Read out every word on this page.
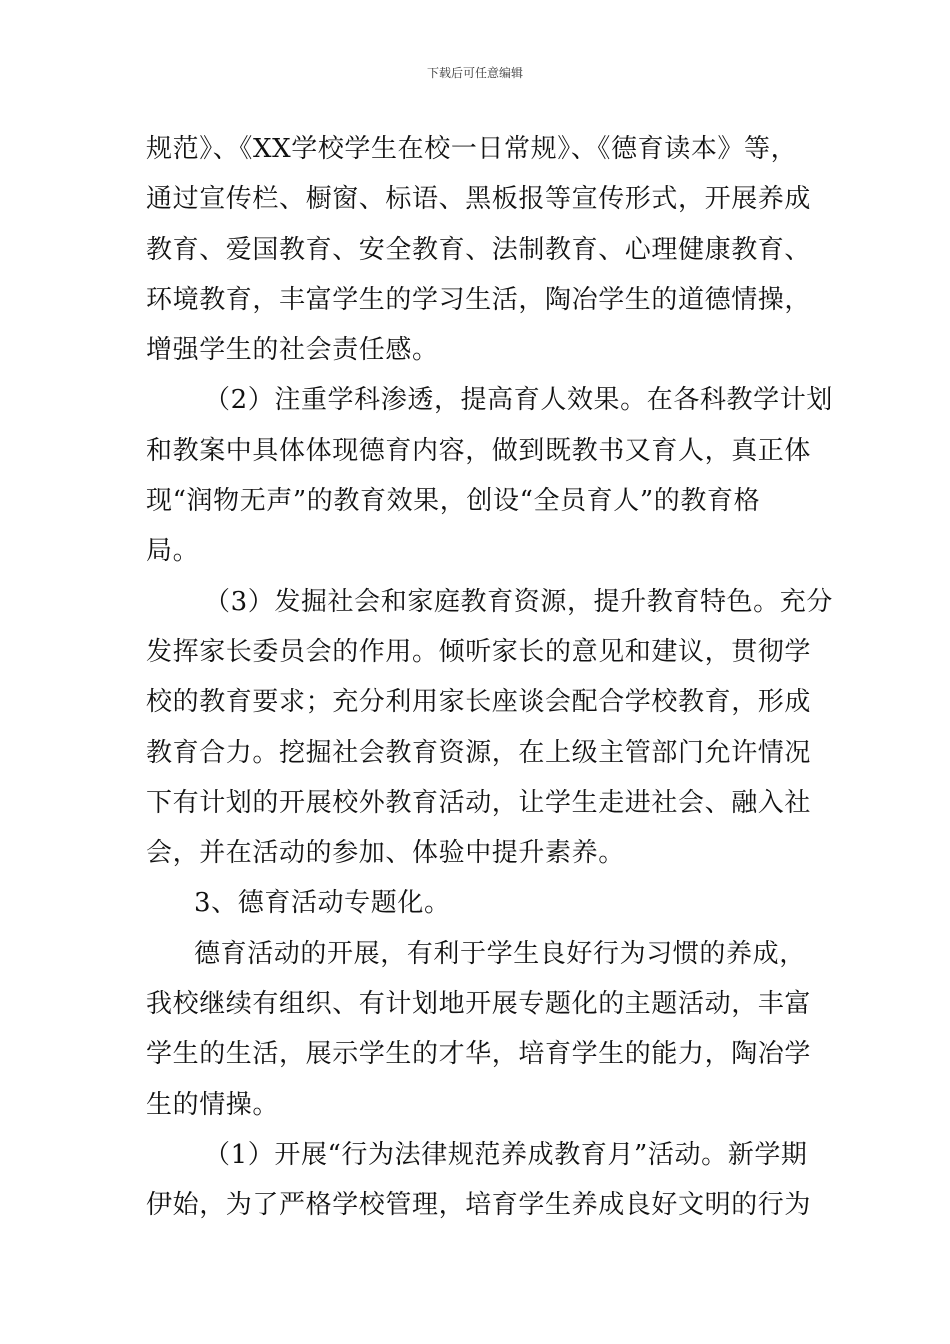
下载后可任意编辑
规范》、《XX学校学生在校一日常规》、《德育读本》等，
通过宣传栏、橱窗、标语、黑板报等宣传形式，开展养成
教育、爱国教育、安全教育、法制教育、心理健康教育、
环境教育，丰富学生的学习生活，陶冶学生的道德情操，
增强学生的社会责任感。
（2）注重学科渗透，提高育人效果。在各科教学计划
和教案中具体体现德育内容，做到既教书又育人，真正体
现“润物无声”的教育效果，创设“全员育人”的教育格
局。
（3）发掘社会和家庭教育资源，提升教育特色。充分
发挥家长委员会的作用。倾听家长的意见和建议，贯彻学
校的教育要求；充分利用家长座谈会配合学校教育，形成
教育合力。挖掘社会教育资源，在上级主管部门允许情况
下有计划的开展校外教育活动，让学生走进社会、融入社
会，并在活动的参加、体验中提升素养。
3、德育活动专题化。
德育活动的开展，有利于学生良好行为习惯的养成，
我校继续有组织、有计划地开展专题化的主题活动，丰富
学生的生活，展示学生的才华，培育学生的能力，陶冶学
生的情操。
（1）开展“行为法律规范养成教育月”活动。新学期
伊始，为了严格学校管理，培育学生养成良好文明的行为
